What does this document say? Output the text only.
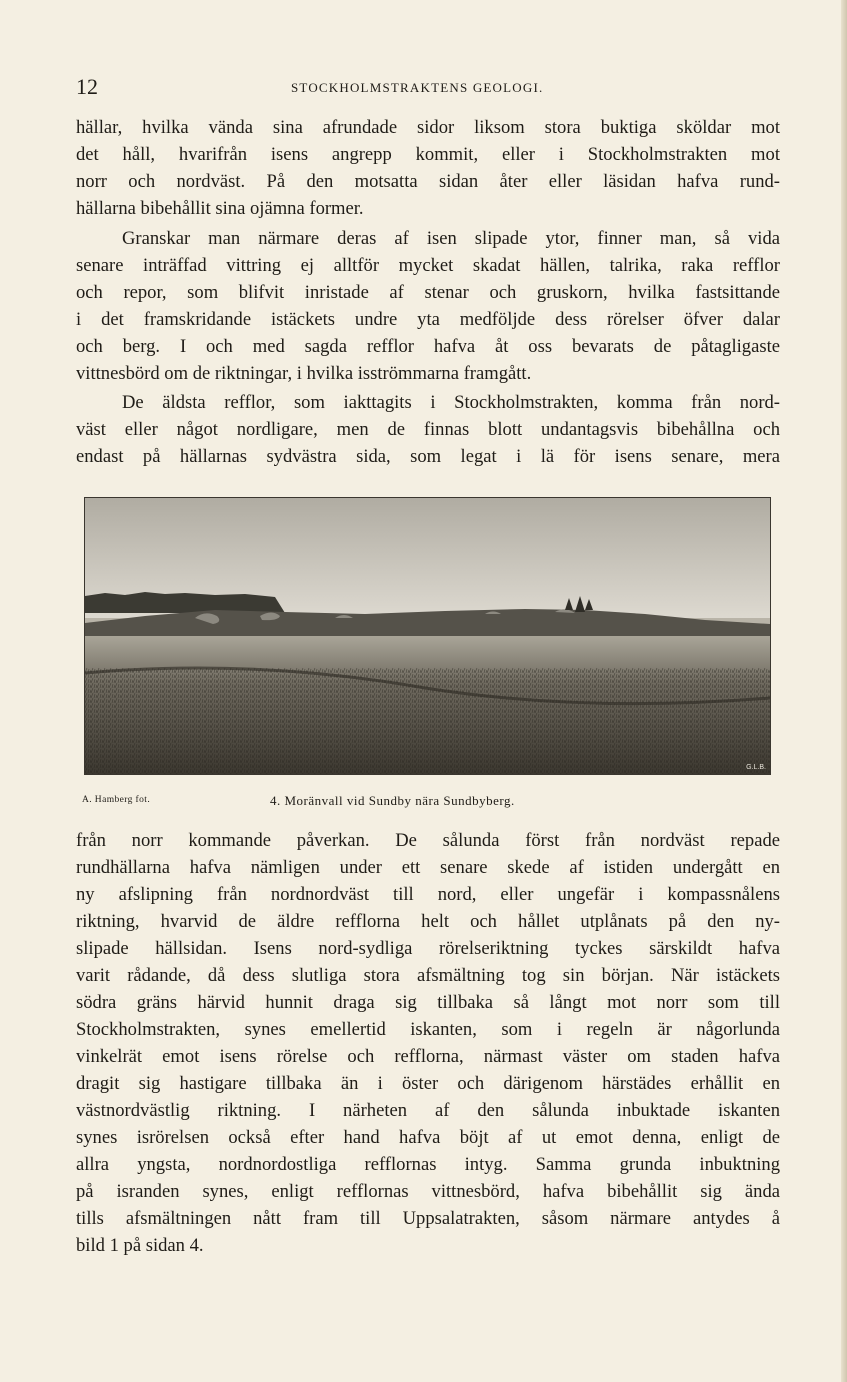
12	STOCKHOLMSTRAKTENS GEOLOGI.
hällar, hvilka vända sina afrundade sidor liksom stora buktiga sköldar mot
det håll, hvarifrån isens angrepp kommit, eller i Stockholmstrakten mot
norr och nordväst. På den motsatta sidan åter eller läsidan hafva rund-
hällarna bibehållit sina ojämna former.
Granskar man närmare deras af isen slipade ytor, finner man, så vida
senare inträffad vittring ej alltför mycket skadat hällen, talrika, raka refflor
och repor, som blifvit inristade af stenar och gruskorn, hvilka fastsittande
i det framskridande istäckets undre yta medföljde dess rörelser öfver dalar
och berg. I och med sagda refflor hafva åt oss bevarats de påtagligaste
vittnesbörd om de riktningar, i hvilka isströmmarna framgått.
De äldsta refflor, som iakttagits i Stockholmstrakten, komma från nord-
väst eller något nordligare, men de finnas blott undantagsvis bibehållna och
endast på hällarnas sydvästra sida, som legat i lä för isens senare, mera
G.L.B.
A. Hamberg fot.	4. Moränvall vid Sundby nära Sundbyberg.
från norr kommande påverkan. De sålunda först från nordväst repade
rundhällarna hafva nämligen under ett senare skede af istiden undergått en
ny afslipning från nordnordväst till nord, eller ungefär i kompassnålens
riktning, hvarvid de äldre refflorna helt och hållet utplånats på den ny-
slipade hällsidan. Isens nord-sydliga rörelseriktning tyckes särskildt hafva
varit rådande, då dess slutliga stora afsmältning tog sin början. När istäckets
södra gräns härvid hunnit draga sig tillbaka så långt mot norr som till
Stockholmstrakten, synes emellertid iskanten, som i regeln är någorlunda
vinkelrät emot isens rörelse och refflorna, närmast väster om staden hafva
dragit sig hastigare tillbaka än i öster och därigenom härstädes erhållit en
västnordvästlig riktning. I närheten af den sålunda inbuktade iskanten
synes isrörelsen också efter hand hafva böjt af ut emot denna, enligt de
allra yngsta, nordnordostliga refflornas intyg. Samma grunda inbuktning
på isranden synes, enligt refflornas vittnesbörd, hafva bibehållit sig ända
tills afsmältningen nått fram till Uppsalatrakten, såsom närmare antydes å
bild 1 på sidan 4.
